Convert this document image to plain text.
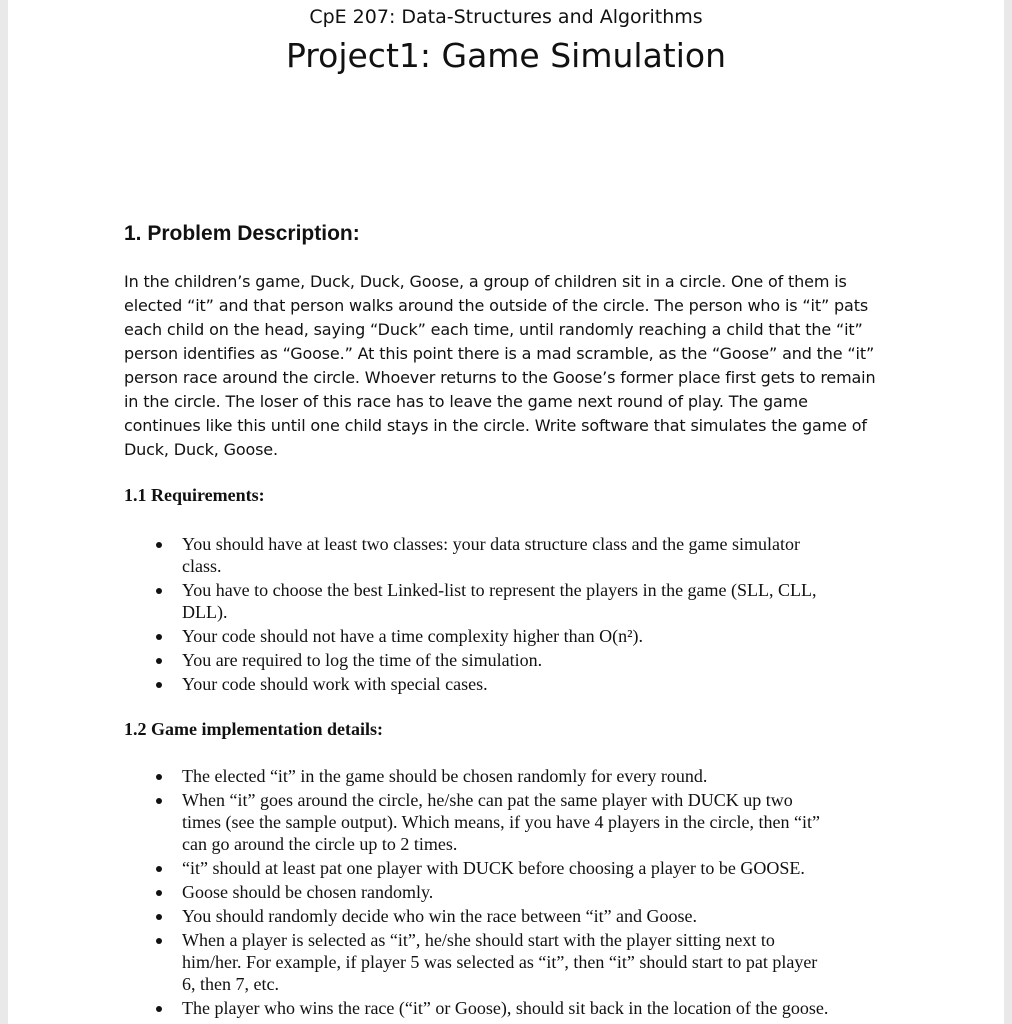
CpE 207: Data-Structures and Algorithms
Project1: Game Simulation
1. Problem Description:
In the children’s game, Duck, Duck, Goose, a group of children sit in a circle. One of them is
elected “it” and that person walks around the outside of the circle. The person who is “it” pats
each child on the head, saying “Duck” each time, until randomly reaching a child that the “it”
person identifies as “Goose.” At this point there is a mad scramble, as the “Goose” and the “it”
person race around the circle. Whoever returns to the Goose’s former place first gets to remain
in the circle. The loser of this race has to leave the game next round of play. The game
continues like this until one child stays in the circle. Write software that simulates the game of
Duck, Duck, Goose.
1.1 Requirements:
You should have at least two classes: your data structure class and the game simulator
class.
You have to choose the best Linked-list to represent the players in the game (SLL, CLL,
DLL).
Your code should not have a time complexity higher than O(n²).
You are required to log the time of the simulation.
Your code should work with special cases.
1.2 Game implementation details:
The elected “it” in the game should be chosen randomly for every round.
When “it” goes around the circle, he/she can pat the same player with DUCK up two
times (see the sample output). Which means, if you have 4 players in the circle, then “it”
can go around the circle up to 2 times.
“it” should at least pat one player with DUCK before choosing a player to be GOOSE.
Goose should be chosen randomly.
You should randomly decide who win the race between “it” and Goose.
When a player is selected as “it”, he/she should start with the player sitting next to
him/her. For example, if player 5 was selected as “it”, then “it” should start to pat player
6, then 7, etc.
The player who wins the race (“it” or Goose), should sit back in the location of the goose.
